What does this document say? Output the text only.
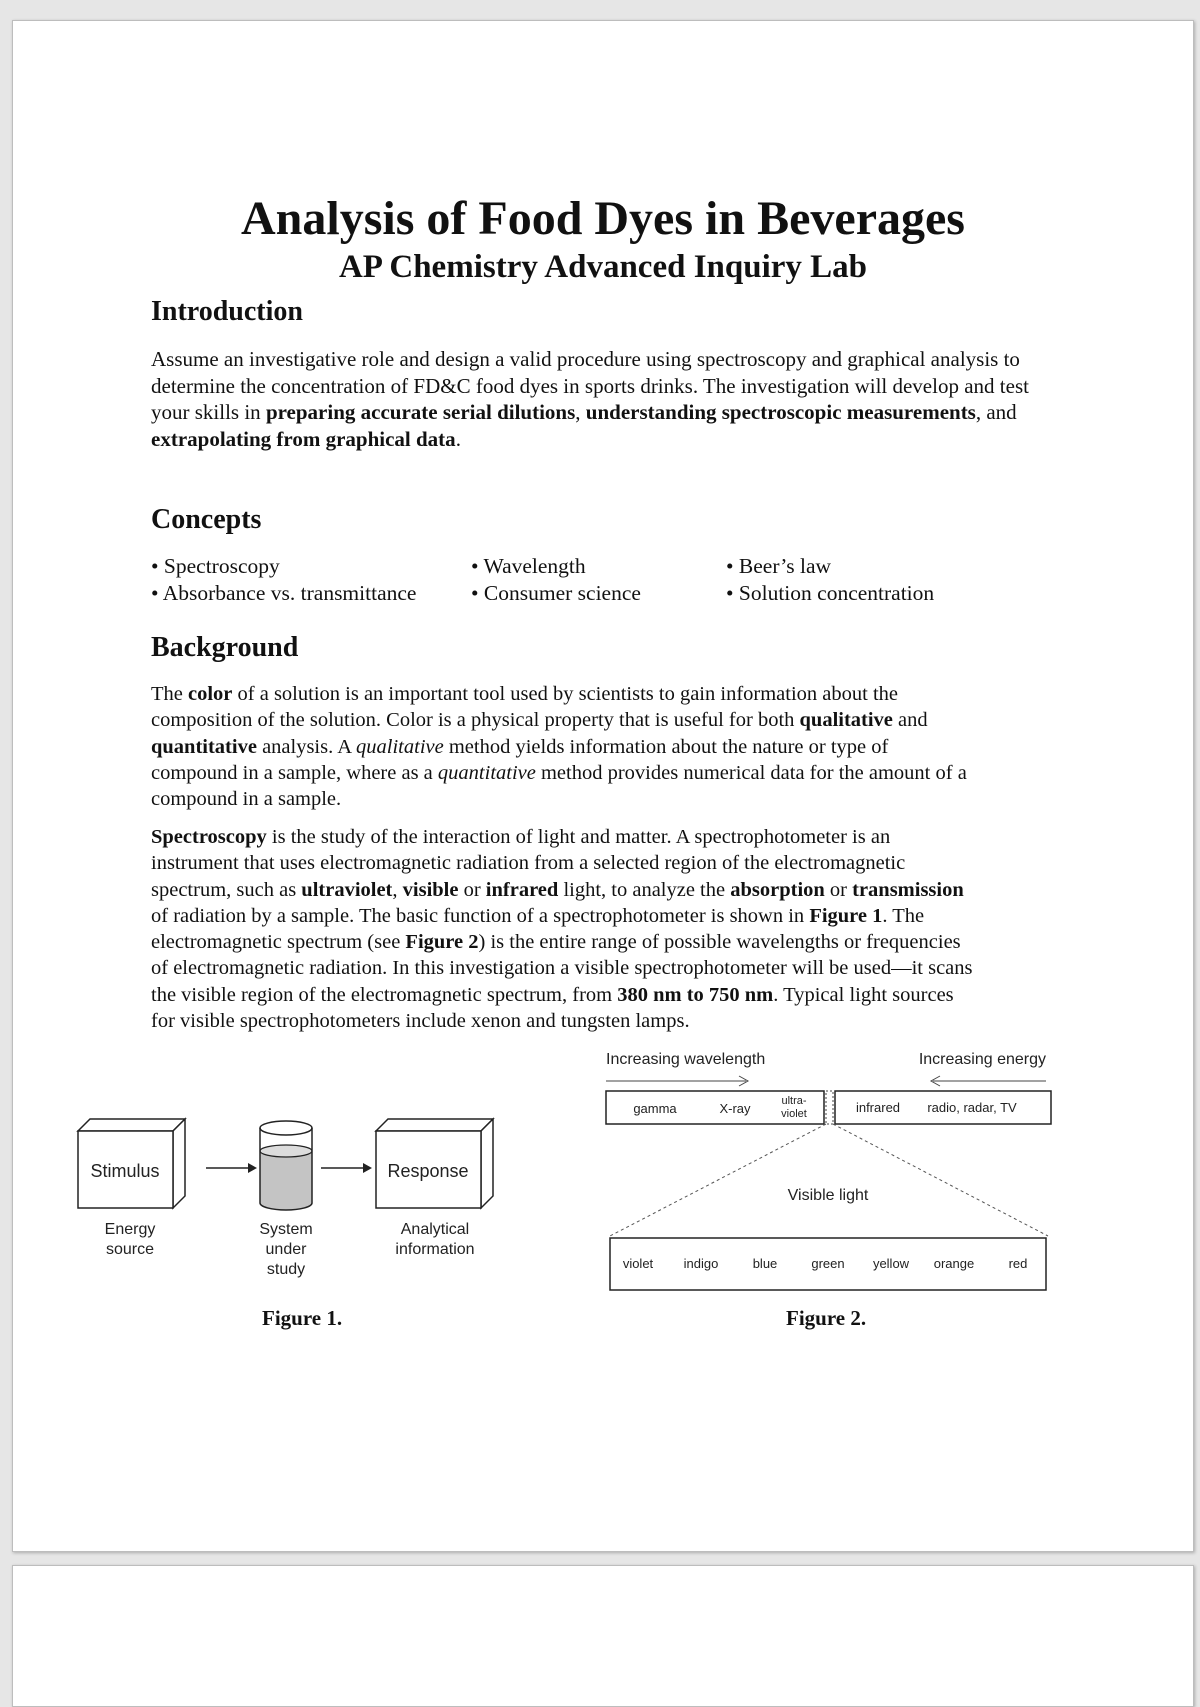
Analysis of Food Dyes in Beverages
AP Chemistry Advanced Inquiry Lab
Introduction

Assume an investigative role and design a valid procedure using spectroscopy and graphical analysis to determine the concentration of FD&C food dyes in sports drinks. The investigation will develop and test your skills in preparing accurate serial dilutions, understanding spectroscopic measurements, and extrapolating from graphical data.

Concepts

• Spectroscopy

• Absorbance vs. transmittance

• Wavelength

• Consumer science

• Beer’s law

• Solution concentration

Background

The color of a solution is an important tool used by scientists to gain information about the composition of the solution. Color is a physical property that is useful for both qualitative and quantitative analysis. A qualitative method yields information about the nature or type of compound in a sample, where as a quantitative method provides numerical data for the amount of a compound in a sample.

Spectroscopy is the study of the interaction of light and matter. A spectrophotometer is an instrument that uses electromagnetic radiation from a selected region of the electromagnetic spectrum, such as ultraviolet, visible or infrared light, to analyze the absorption or transmission of radiation by a sample. The basic function of a spectrophotometer is shown in Figure 1. The electromagnetic spectrum (see Figure 2) is the entire range of possible wavelengths or frequencies of electromagnetic radiation. In this investigation a visible spectrophotometer will be used—it scans the visible region of the electromagnetic spectrum, from 380 nm to 750 nm. Typical light sources for visible spectrophotometers include xenon and tungsten lamps.

Stimulus	Response
Energy
source
System
under
study
Analytical
information
Figure 1.
Increasing wavelength	Increasing energy
gamma	X-ray	ultra-
violet	infrared radio, radar, TV
Visible light
violet indigo	blue	green yellow orange	red
Figure 2.
